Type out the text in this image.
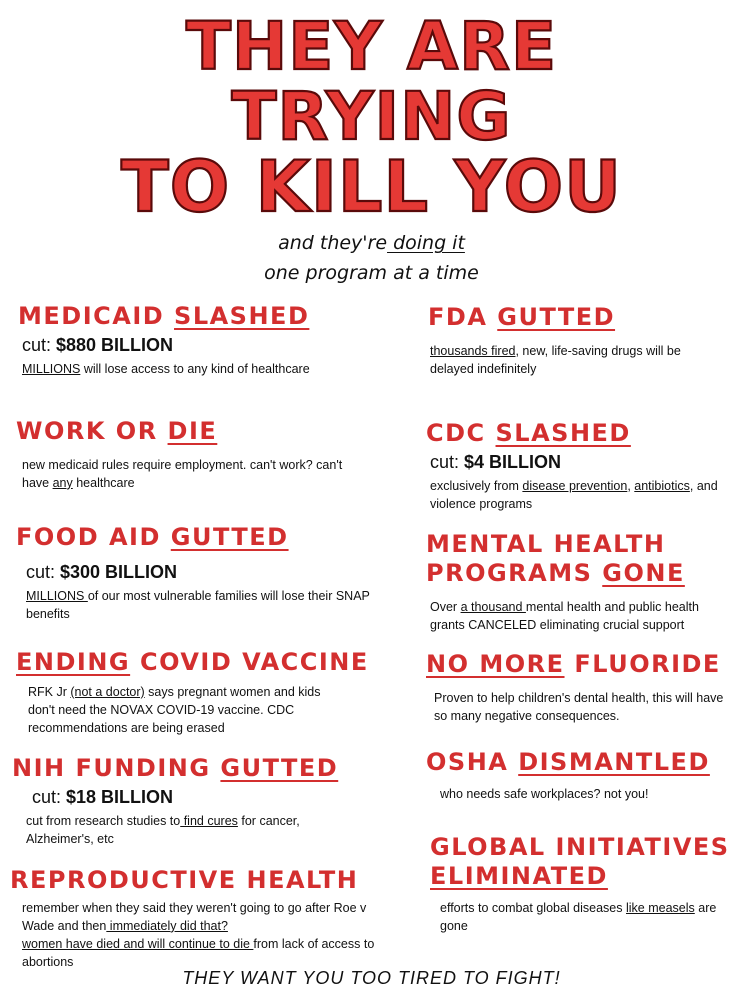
THEY ARE
TRYING
TO KILL YOU
and they're doing it
one program at a time
MEDICAID SLASHED
cut: $880 BILLION
MILLIONS will lose access to any kind of healthcare
WORK OR DIE
new medicaid rules require employment. can't work? can't have any healthcare
FOOD AID GUTTED
cut: $300 BILLION
MILLIONS of our most vulnerable families will lose their SNAP benefits
ENDING COVID VACCINE
RFK Jr (not a doctor) says pregnant women and kids don't need the NOVAX COVID-19 vaccine. CDC recommendations are being erased
NIH FUNDING GUTTED
cut: $18 BILLION
cut from research studies to find cures for cancer, Alzheimer's, etc
REPRODUCTIVE HEALTH
remember when they said they weren't going to go after Roe v Wade and then immediately did that?
women have died and will continue to die from lack of access to abortions
FDA GUTTED
thousands fired, new, life-saving drugs will be delayed indefinitely
CDC SLASHED
cut: $4 BILLION
exclusively from disease prevention, antibiotics, and violence programs
MENTAL HEALTH
PROGRAMS GONE
Over a thousand mental health and public health grants CANCELED eliminating crucial support
NO MORE FLUORIDE
Proven to help children's dental health, this will have so many negative consequences.
OSHA DISMANTLED
who needs safe workplaces? not you!
GLOBAL INITIATIVES
ELIMINATED
efforts to combat global diseases like measels are gone
THEY WANT YOU TOO TIRED TO FIGHT!
